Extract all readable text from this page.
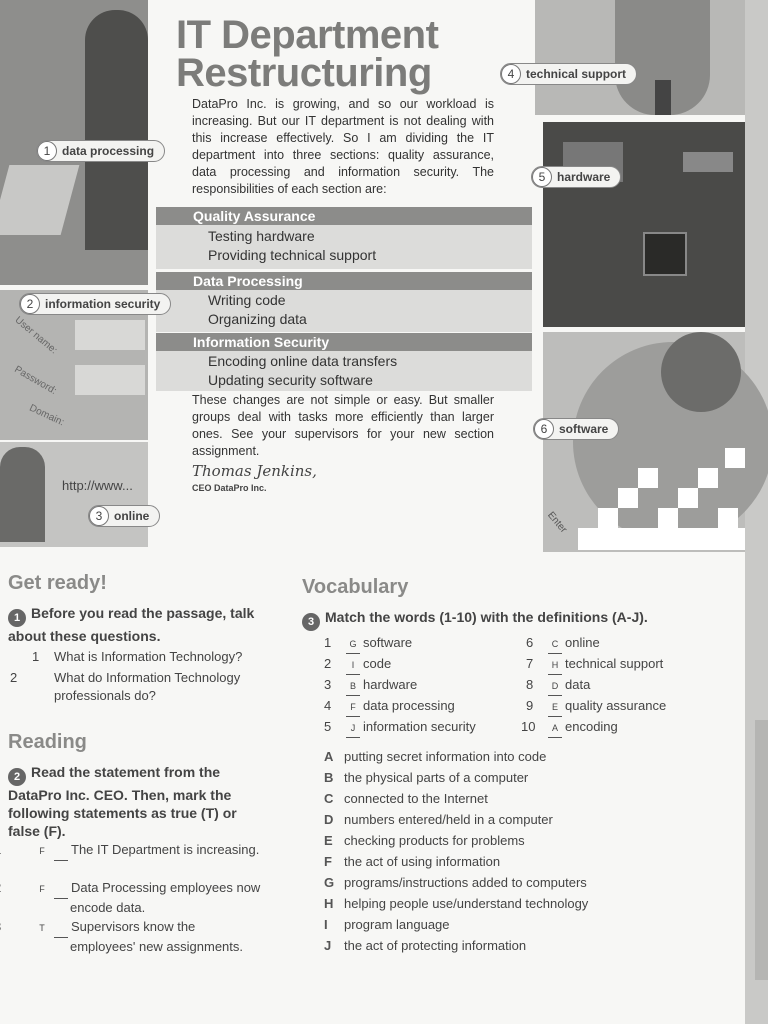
User name:
Password:
Domain:
http://www...
Enter
IT Department
Restructuring
DataPro Inc. is growing, and so our workload is increasing. But our IT department is not dealing with this increase effectively. So I am dividing the IT department into three sections: quality assurance, data processing and information security. The responsibilities of each section are:
Quality Assurance
Testing hardware
Providing technical support
Data Processing
Writing code
Organizing data
Information Security
Encoding online data transfers
Updating security software
These changes are not simple or easy. But smaller groups deal with tasks more efficiently than larger ones. See your supervisors for your new section assignment.
Thomas Jenkins,
CEO DataPro Inc.
1 data processing
2 information security
3 online
4 technical support
5 hardware
6 software
Get ready!
1 Before you read the passage, talk about these questions.
1 What is Information Technology?
2	What do Information Technology professionals do?
Reading
2 Read the statement from the DataPro Inc. CEO. Then, mark the following statements as true (T) or false (F).
F The IT Department is increasing.
F Data Processing employees now encode data.
T Supervisors know the employees' new assignments.
Vocabulary
3 Match the words (1-10) with the definitions (A-J).
1 G software
2 I code
3 B hardware
4 F data processing
5 J information security
6 C online
7 H technical support
8 D data
9 E quality assurance
10 A encoding
A putting secret information into code
B the physical parts of a computer
C connected to the Internet
D numbers entered/held in a computer
E checking products for problems
F the act of using information
G programs/instructions added to computers
H helping people use/understand technology
I program language
J the act of protecting information
